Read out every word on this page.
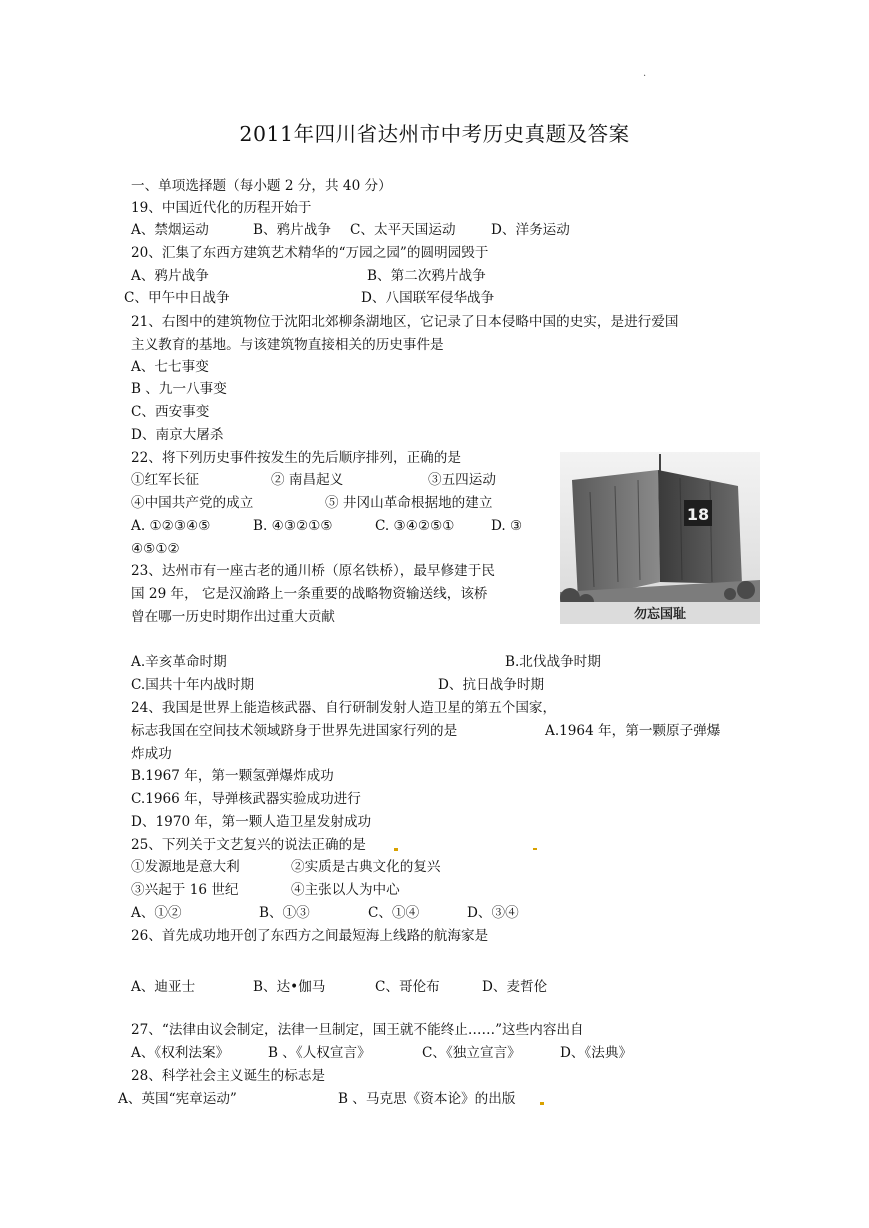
.
2011年四川省达州市中考历史真题及答案
一、单项选择题（每小题 2 分，共 40 分）
19、中国近代化的历程开始于
A、禁烟运动	B、鸦片战争 C、太平天国运动	D、洋务运动
20、汇集了东西方建筑艺术精华的“万园之园”的圆明园毁于
A、鸦片战争	B、第二次鸦片战争
C、甲午中日战争	D、八国联军侵华战争
21、右图中的建筑物位于沈阳北郊柳条湖地区，它记录了日本侵略中国的史实，是进行爱国
主义教育的基地。与该建筑物直接相关的历史事件是
A、七七事变
B 、九一八事变
C、西安事变
D、南京大屠杀
22、将下列历史事件按发生的先后顺序排列，正确的是
①红军长征	② 南昌起义	③五四运动
④中国共产党的成立	⑤ 井冈山革命根据地的建立
A. ①②③④⑤	B. ④③②①⑤	C. ③④②⑤①	D. ③
④⑤①②
23、达州市有一座古老的通川桥（原名铁桥），最早修建于民
国 29 年， 它是汉渝路上一条重要的战略物资输送线，该桥
曾在哪一历史时期作出过重大贡献
A.辛亥革命时期	B.北伐战争时期
C.国共十年内战时期	D、抗日战争时期
24、我国是世界上能造核武器、自行研制发射人造卫星的第五个国家，
标志我国在空间技术领域跻身于世界先进国家行列的是	A.1964 年，第一颗原子弹爆
炸成功
B.1967 年，第一颗氢弹爆炸成功
C.1966 年，导弹核武器实验成功进行
D、1970 年，第一颗人造卫星发射成功
25、下列关于文艺复兴的说法正确的是
①发源地是意大利	②实质是古典文化的复兴
③兴起于 16 世纪	④主张以人为中心
A、①②	B、①③	C、①④	D、③④
26、首先成功地开创了东西方之间最短海上线路的航海家是
A、迪亚士	B、达•伽马	C、哥伦布	D、麦哲伦
27、“法律由议会制定，法律一旦制定，国王就不能终止……”这些内容出自
A、《权利法案》	B 、《人权宣言》	C、《独立宣言》	D、《法典》
28、科学社会主义诞生的标志是
A、英国“宪章运动”	B 、马克思《资本论》的出版
18
勿忘国耻
